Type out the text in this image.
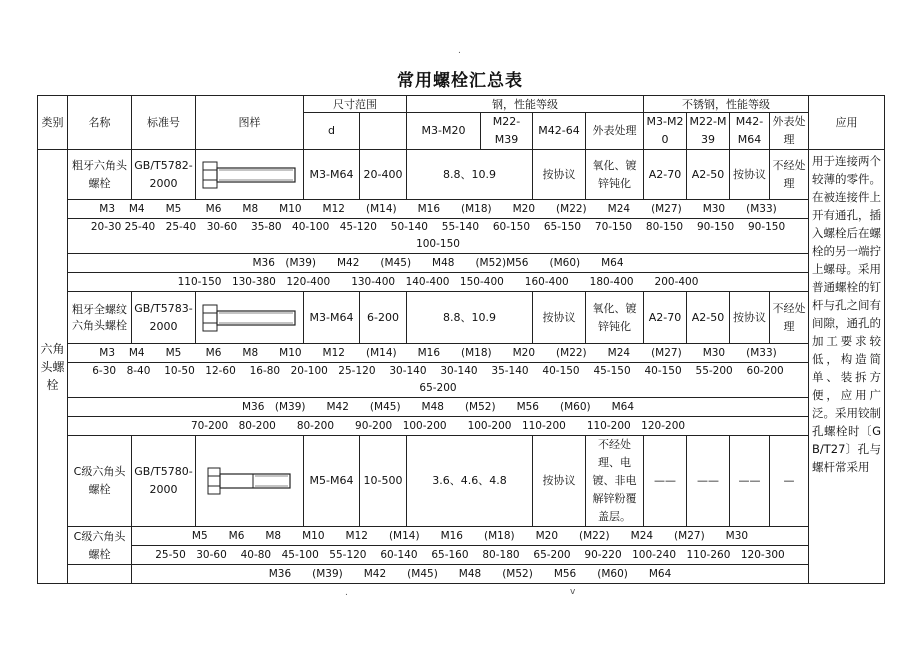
.
常用螺栓汇总表
类别	名称	标准号	图样	尺寸范围		钢，性能等级				不锈钢，性能等级				应用
				d		M3-M20	M22-M39	M42-64	外表处理	M3-M20	M22-M39	M42-M64	外表处理	
六角头螺栓	粗牙六角头螺栓	GB/T5782-2000		M3-M64	20-400	8.8、10.9		按协议	氧化、镀锌钝化	A2-70	A2-50	按协议	不经处理	用于连接两个较薄的零件。在被连接件上开有通孔，插入螺栓后在螺栓的另一端拧上螺母。采用普通螺栓的钉杆与孔之间有间隙，通孔的加工要求较低，构造简单、装拆方便，应用广泛。采用铰制孔螺栓时〔GB/T27〕孔与螺杆常采用
	M3　 M4　　M5　　 M6　　M8　　M10　　M12　　(M14)　　M16　　(M18)　　M20　　(M22)　　M24　　(M27)　　M30　　(M33)													

	20-30 25-40　25-40　30-60　 35-80　40-100　45-120　 50-140　 55-140　 60-150　 65-150　 70-150　 80-150　 90-150　 90-150
100-150													

	M36　(M39)　　M42　　(M45)　　M48　　(M52)M56　　(M60)　　M64													
	110-150　130-380　120-400　　130-400　140-400　150-400　　160-400　　180-400　　200-400													
	粗牙全螺纹六角头螺栓	GB/T5783-2000		M3-M64	6-200	8.8、10.9		按协议	氧化、镀锌钝化	A2-70	A2-50	按协议	不经处理	
	M3　 M4　　M5　　 M6　　M8　　M10　　M12　　(M14)　　M16　　(M18)　　M20　　(M22)　　M24　　(M27)　　M30　　(M33)													

	6-30　8-40　 10-50　12-60　 16-80　20-100　25-120　 30-140　 30-140　 35-140　 40-150　 45-150　 40-150　 55-200　 60-200
65-200													

	M36　(M39)　　M42　　(M45)　　M48　　(M52)　　M56　　(M60)　　M64													
	70-200　80-200　　80-200　　90-200　100-200　　100-200　110-200　　110-200　120-200													
	C级六角头螺栓	GB/T5780-2000		M5-M64	10-500	3.6、4.6、4.8		按协议	不经处理、电镀、非电解锌粉覆盖层。	——	——	——	—	
	C级六角头螺栓	M5　　M6　　M8　　M10　　M12　　(M14)　　M16　　(M18)　　M20　　(M22)　　M24　　(M27)　　M30												
		25-50　30-60　 40-80　45-100　55-120　 60-140　 65-160　 80-180　 65-200　 90-220　100-240　110-260　120-300												
		M36　　(M39)　　M42　　(M45)　　M48　　(M52)　　M56　　(M60)　　M64												
.	v
